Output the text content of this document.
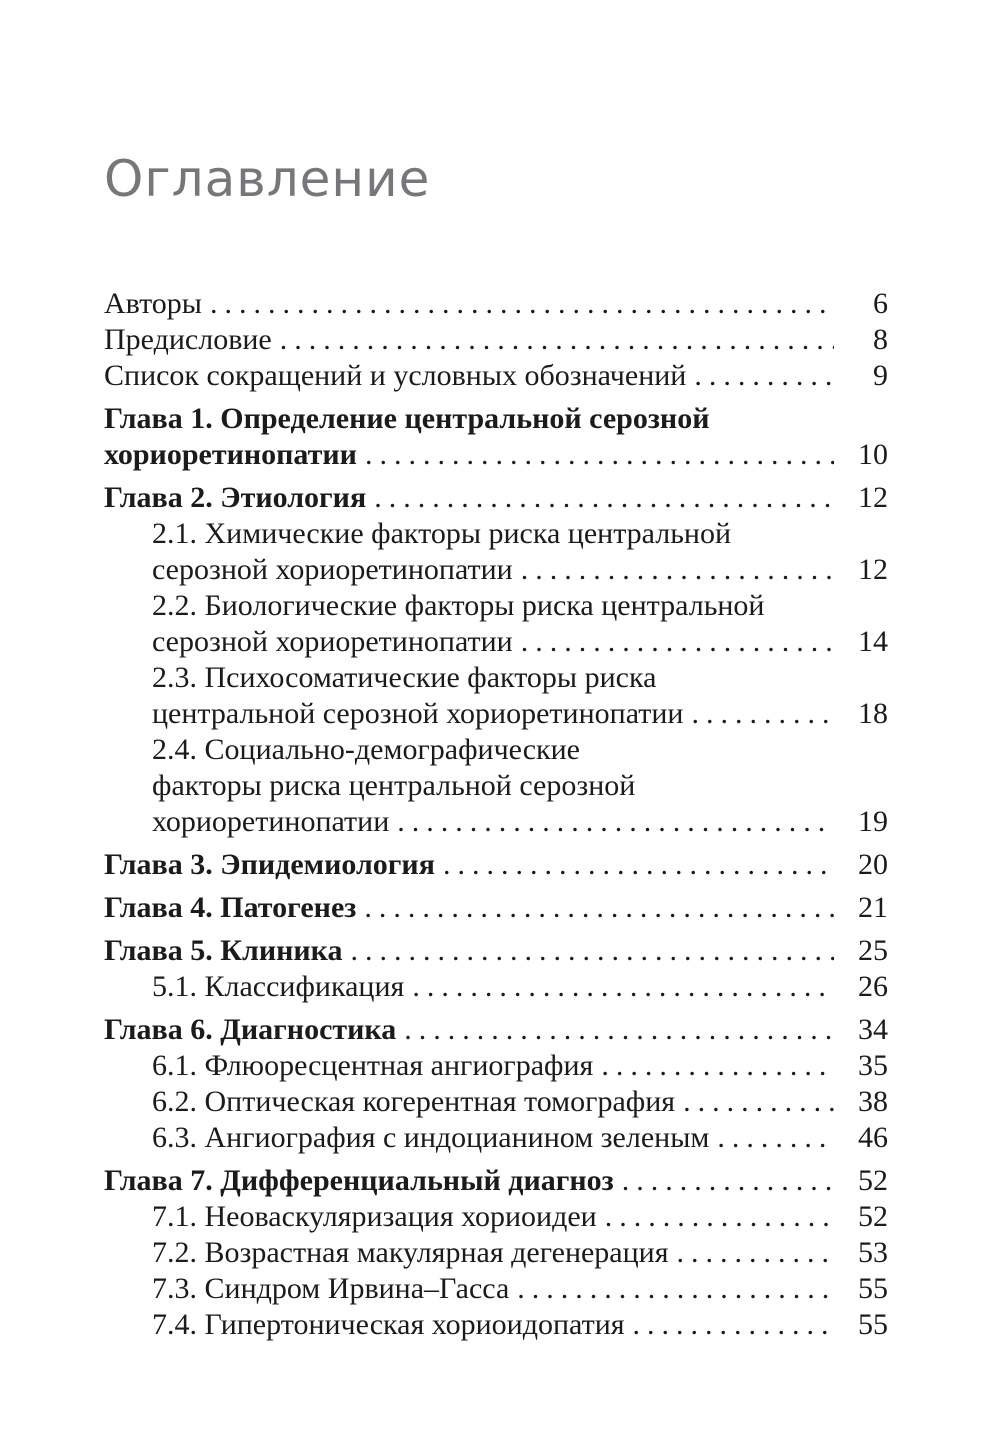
Оглавление
Авторы .....	6
Предисловие .....	8
Список сокращений и условных обозначений .....	9
Глава 1. Определение центральной серозной
хориоретинопатии .....	10
Глава 2. Этиология .....	12
2.1. Химические факторы риска центральной
серозной хориоретинопатии .....	12
2.2. Биологические факторы риска центральной
серозной хориоретинопатии .....	14
2.3. Психосоматические факторы риска
центральной серозной хориоретинопатии .....	18
2.4. Социально-демографические
факторы риска центральной серозной
хориоретинопатии .....	19
Глава 3. Эпидемиология .....	20
Глава 4. Патогенез .....	21
Глава 5. Клиника .....	25
5.1. Классификация .....	26
Глава 6. Диагностика .....	34
6.1. Флюоресцентная ангиография .....	35
6.2. Оптическая когерентная томография .....	38
6.3. Ангиография с индоцианином зеленым .....	46
Глава 7. Дифференциальный диагноз .....	52
7.1. Неоваскуляризация хориоидеи .....	52
7.2. Возрастная макулярная дегенерация .....	53
7.3. Синдром Ирвина–Гасса .....	55
7.4. Гипертоническая хориоидопатия .....	55
